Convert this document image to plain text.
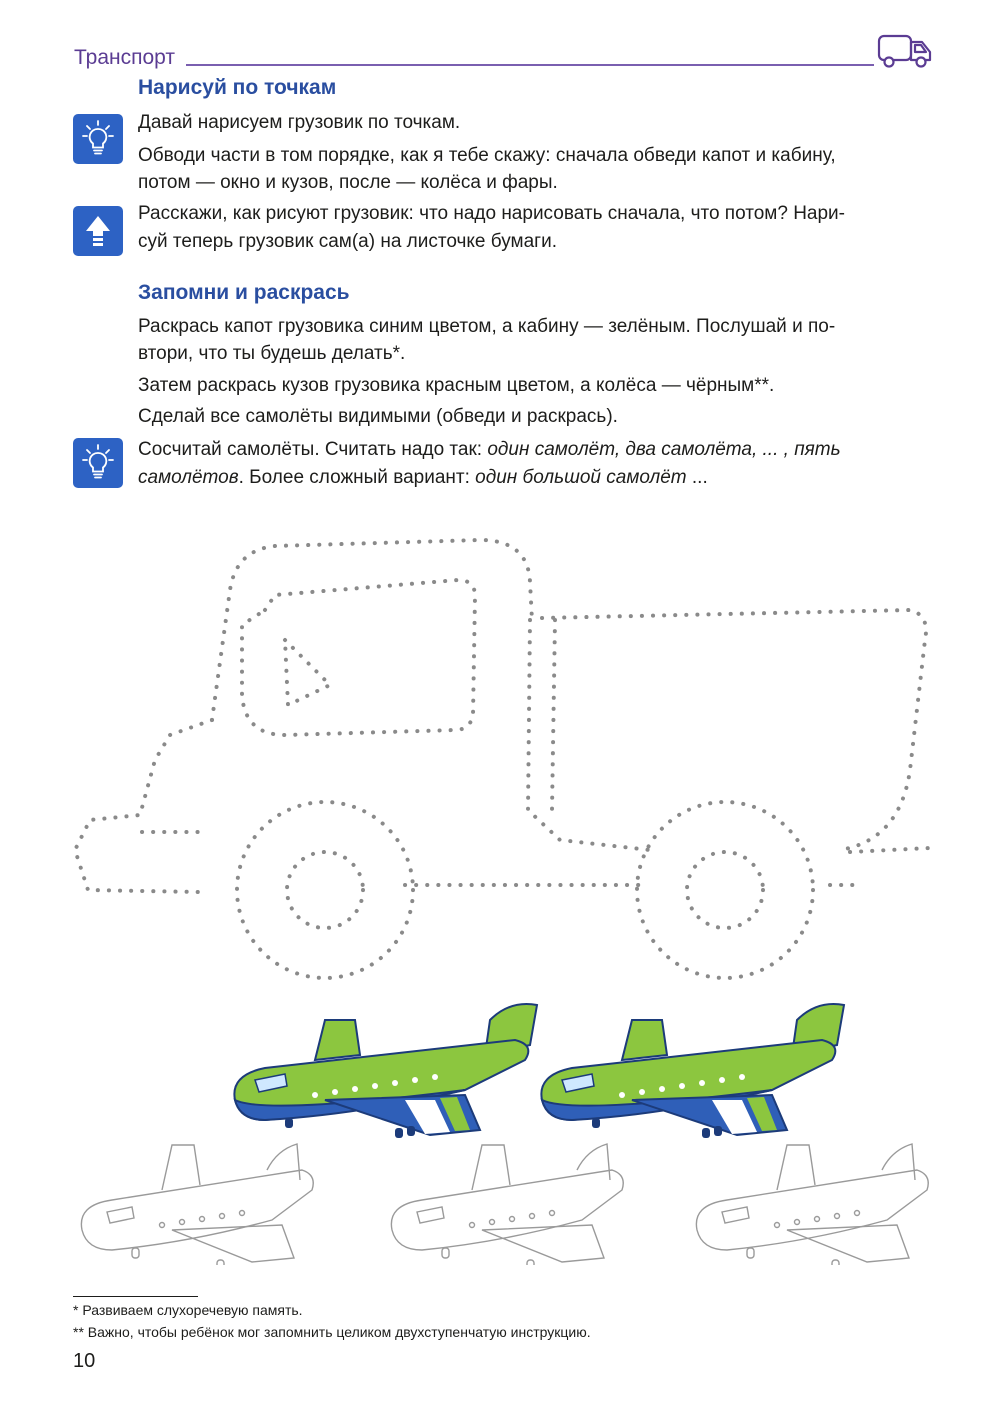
Транспорт
Нарисуй по точкам
Давай нарисуем грузовик по точкам.
Обводи части в том порядке, как я тебе скажу: сначала обведи капот и кабину,
потом — окно и кузов, после — колёса и фары.
Расскажи, как рисуют грузовик: что надо нарисовать сначала, что потом? Нари-
суй теперь грузовик сам(а) на листочке бумаги.
Запомни и раскрась
Раскрась капот грузовика синим цветом, а кабину — зелёным. Послушай и по-
втори, что ты будешь делать*.
Затем раскрась кузов грузовика красным цветом, а колёса — чёрным**.
Сделай все самолёты видимыми (обведи и раскрась).
Сосчитай самолёты. Считать надо так: один самолёт, два самолёта, ... , пять
самолётов. Более сложный вариант: один большой самолёт ...
* Развиваем слухоречевую память.
** Важно, чтобы ребёнок мог запомнить целиком двухступенчатую инструкцию.
10
